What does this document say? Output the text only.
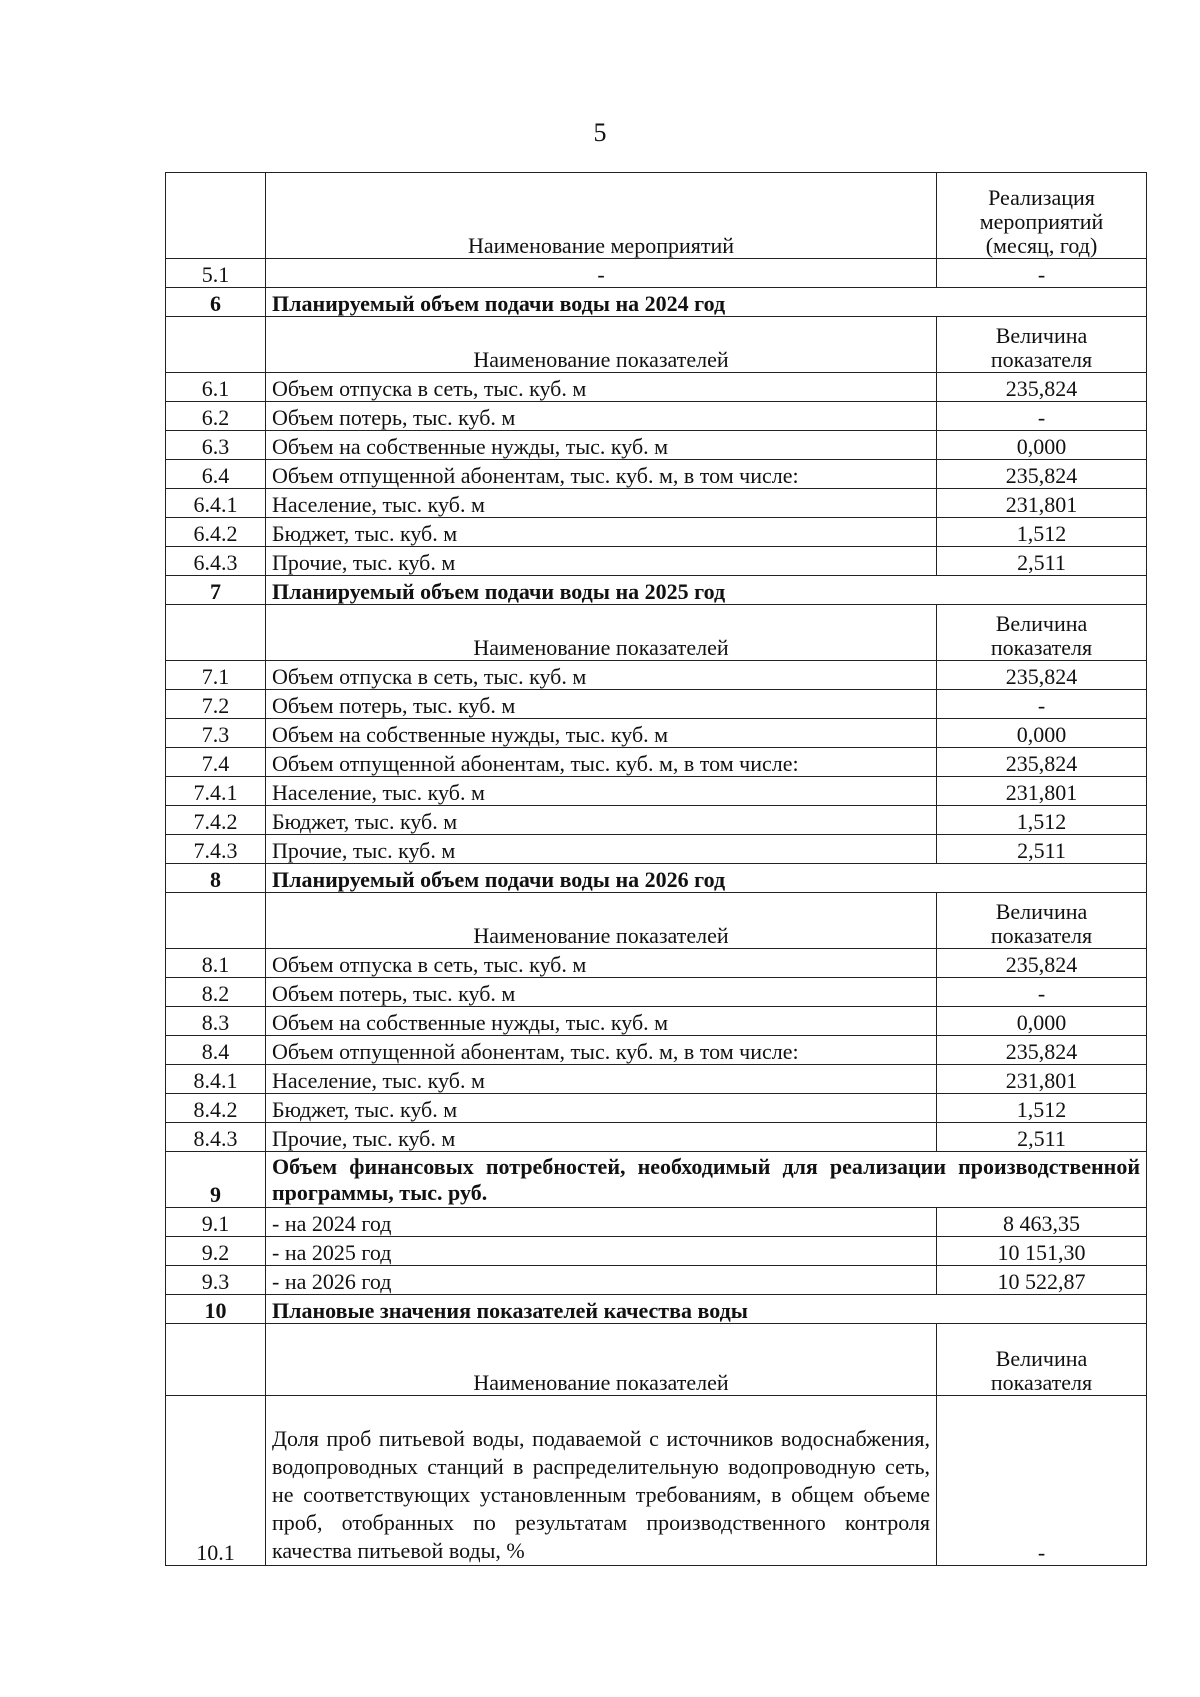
5
	Наименование мероприятий	Реализация мероприятий (месяц, год)
5.1	-	-
6	Планируемый объем подачи воды на 2024 год	
	Наименование показателей	Величина показателя
6.1	Объем отпуска в сеть, тыс. куб. м	235,824
6.2	Объем потерь, тыс. куб. м	-
6.3	Объем на собственные нужды, тыс. куб. м	0,000
6.4	Объем отпущенной абонентам, тыс. куб. м, в том числе:	235,824
6.4.1	Население, тыс. куб. м	231,801
6.4.2	Бюджет, тыс. куб. м	1,512
6.4.3	Прочие, тыс. куб. м	2,511
7	Планируемый объем подачи воды на 2025 год	
	Наименование показателей	Величина показателя
7.1	Объем отпуска в сеть, тыс. куб. м	235,824
7.2	Объем потерь, тыс. куб. м	-
7.3	Объем на собственные нужды, тыс. куб. м	0,000
7.4	Объем отпущенной абонентам, тыс. куб. м, в том числе:	235,824
7.4.1	Население, тыс. куб. м	231,801
7.4.2	Бюджет, тыс. куб. м	1,512
7.4.3	Прочие, тыс. куб. м	2,511
8	Планируемый объем подачи воды на 2026 год	
	Наименование показателей	Величина показателя
8.1	Объем отпуска в сеть, тыс. куб. м	235,824
8.2	Объем потерь, тыс. куб. м	-
8.3	Объем на собственные нужды, тыс. куб. м	0,000
8.4	Объем отпущенной абонентам, тыс. куб. м, в том числе:	235,824
8.4.1	Население, тыс. куб. м	231,801
8.4.2	Бюджет, тыс. куб. м	1,512
8.4.3	Прочие, тыс. куб. м	2,511
9	Объем финансовых потребностей, необходимый для реализации производственной программы, тыс. руб.	
9.1	- на 2024 год	8 463,35
9.2	- на 2025 год	10 151,30
9.3	- на 2026 год	10 522,87
10	Плановые значения показателей качества воды	
	Наименование показателей	Величина показателя
10.1	Доля проб питьевой воды, подаваемой с источников водоснабжения, водопроводных станций в распределительную водопроводную сеть, не соответствующих установленным требованиям, в общем объеме проб, отобранных по результатам производственного контроля качества питьевой воды, %	-
